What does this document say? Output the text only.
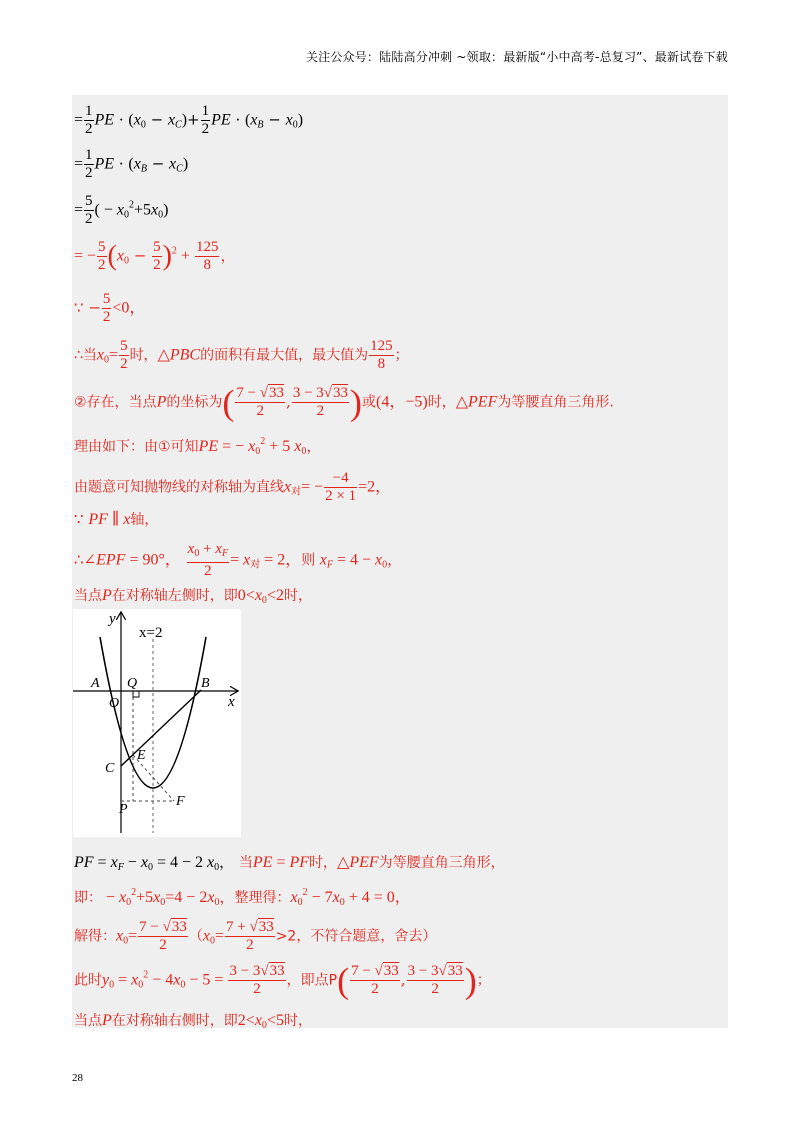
关注公众号：陆陆高分冲刺 ~领取：最新版“小中高考-总复习”、最新试卷下载
= $\frac{1}{2}$ PE · $(x_0 - x_C)+ \frac{1}{2}$ PE · $(x_B - x_0)$
= $\frac{1}{2}$ PE · $(x_B - x_C)$
= $\frac{5}{2}$ ( − $x_0^2+5x_0$)
= − $\frac{5}{2} (x_0 - \frac{5}{2} )^2 + \frac{125}{8}$ ，
∵ − $\frac{5}{2} <0$，
∴当$x_0= \frac{5}{2}$ 时，△PBC的面积有最大值，最大值为 $\frac{125}{8}$ ；
②存在，当点P的坐标为( $\frac{7 - √33}{2}$ , $\frac{3 - 3√33}{2}$ )或(4，−5)时，△PEF为等腰直角三角形.
理由如下：由①可知PE = − $x_0^2 + 5$ $x_0$，
由题意可知抛物线的对称轴为直线$x_对= - \frac{-4}{2 \times 1} =2$，
∵ PF ∥ x轴，
∴∠EPF = 90°， $\frac{x_0 + x_F}{2} = x_对 = 2$，则 $x_F = 4 - x_0$，
当点P在对称轴左侧时，即$0<x_0<2$时，
PF = $x_F - x_0 = 4 - 2$ $x_0$， 当PE = PF时，△PEF为等腰直角三角形，
即： − $x_0^2+5x_0=4 - 2x_0$，整理得：$x_0^2 - 7x_0 + 4 = 0$，
解得：$x_0= \frac{7 - √33}{2} (x_0= \frac{7 + √33}{2} >2$，不符合题意，舍去）
此时$y_0 = x_0^2 - 4x_0 - 5 = \frac{3 - 3√33}{2}$ ，即点$P( \frac{7 - √33}{2}$ , $\frac{3 - 3√33}{2}$ )；
当点P在对称轴右侧时，即$2<x_0<5$时，
y
x
x=2
A Q	B
O
E
C
P
F
28
